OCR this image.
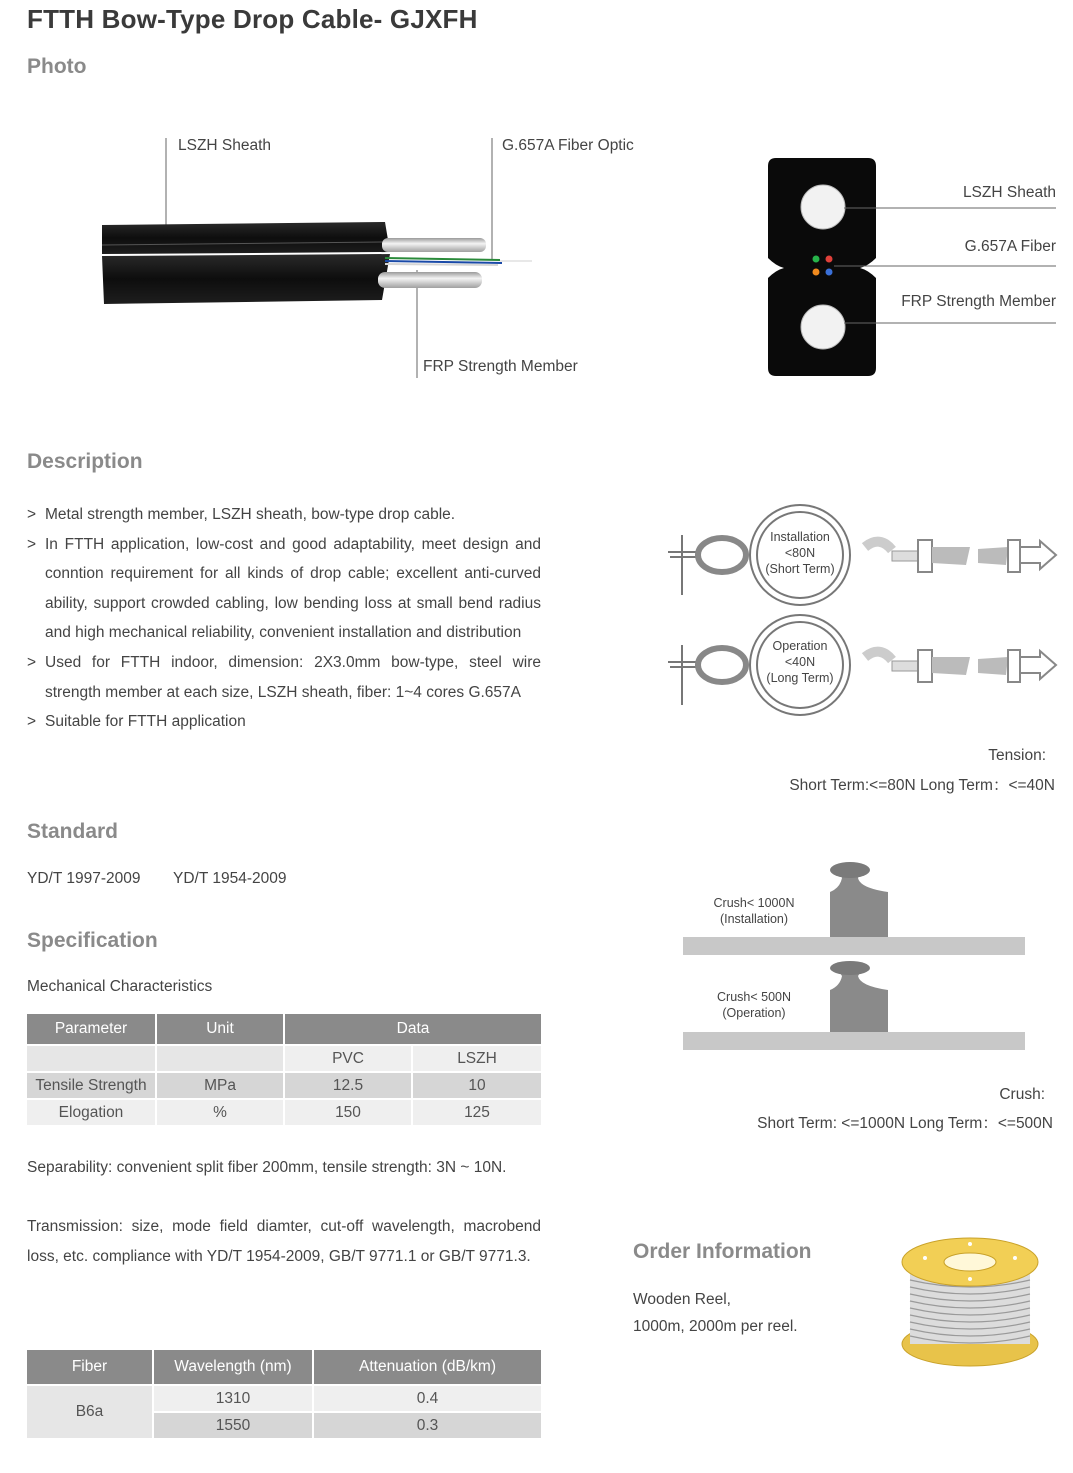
FTTH Bow-Type Drop Cable- GJXFH
Photo
LSZH Sheath	G.657A Fiber Optic
FRP Strength Member
LSZH Sheath
G.657A Fiber
FRP Strength Member
Description
> Metal strength member, LSZH sheath, bow-type drop cable.
> In FTTH application, low-cost and good adaptability, meet design and conntion requirement for all kinds of drop cable; excellent anti-curved ability, support crowded cabling, low bending loss at small bend radius and high mechanical reliability, convenient installation and distribution
> Used for FTTH indoor, dimension: 2X3.0mm bow-type, steel wire strength member at each size, LSZH sheath, fiber: 1~4 cores G.657A
> Suitable for FTTH application
Installation
<80N
(Short Term)
Operation
<40N
(Long Term)
Tension:
Short Term:<=80N Long Term：<=40N
Standard
YD/T 1997-2009 YD/T 1954-2009
Crush< 1000N
(Installation)
Crush< 500N
(Operation)
Crush:
Short Term: <=1000N Long Term：<=500N
Specification
Mechanical Characteristics
Parameter	Unit	Data	
		PVC	LSZH
Tensile Strength	MPa	12.5	10
Elogation	%	150	125
Separability: convenient split fiber 200mm, tensile strength: 3N ~ 10N.
Transmission: size, mode field diamter, cut-off wavelength, macrobend loss, etc. compliance with YD/T 1954-2009, GB/T 9771.1 or GB/T 9771.3.
Fiber	Wavelength (nm)	Attenuation (dB/km)
B6a	1310	0.4
	1550	0.3
Order Information
Wooden Reel,
1000m, 2000m per reel.
